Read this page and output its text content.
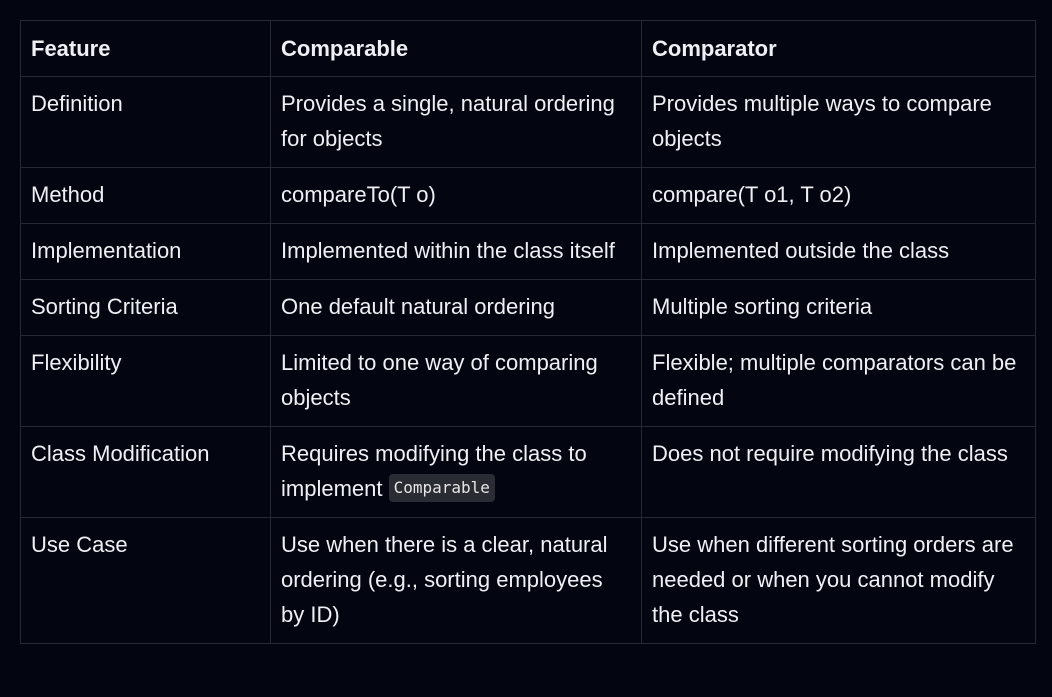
Feature	Comparable	Comparator
Definition	Provides a single, natural ordering for objects	Provides multiple ways to compare objects
Method	compareTo(T o)	compare(T o1, T o2)
Implementation	Implemented within the class itself	Implemented outside the class
Sorting Criteria	One default natural ordering	Multiple sorting criteria
Flexibility	Limited to one way of comparing objects	Flexible; multiple comparators can be defined
Class Modification	Requires modifying the class to implement Comparable	Does not require modifying the class
Use Case	Use when there is a clear, natural ordering (e.g., sorting employees by ID)	Use when different sorting orders are needed or when you cannot modify the class
